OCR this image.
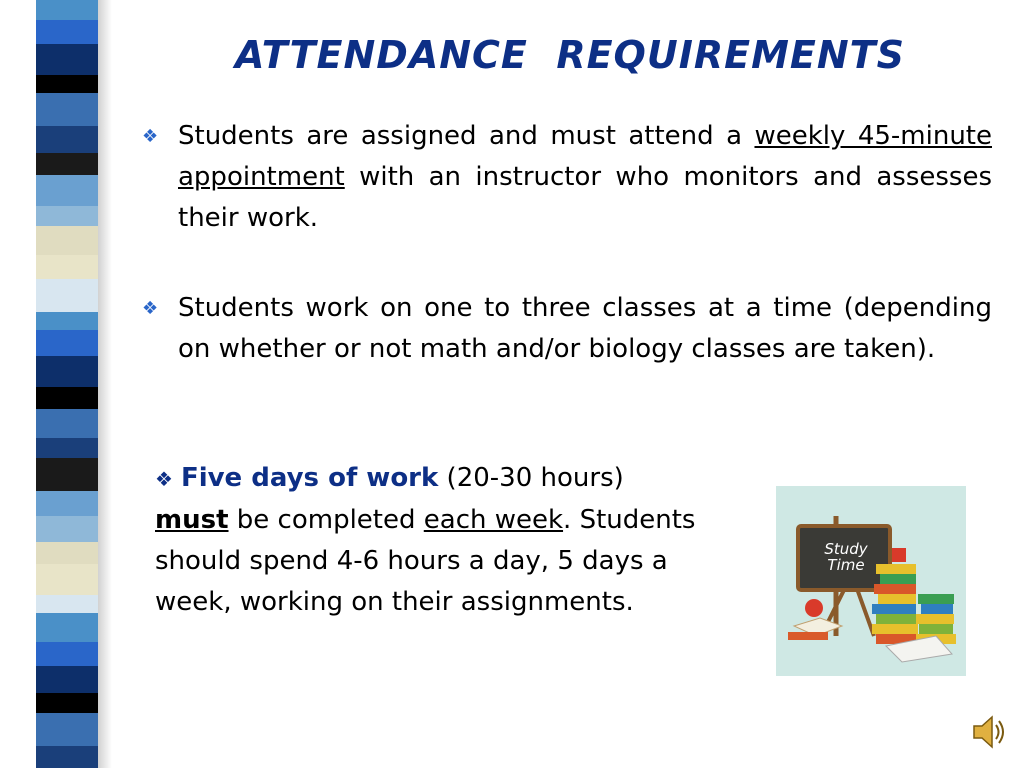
ATTENDANCE  REQUIREMENTS
❖ Students are assigned and must attend a weekly 45-minute appointment with an instructor who monitors and assesses their work.
❖ Students work on one to three classes at a time (depending on whether or not math and/or biology classes are taken).
❖ Five days of work (20-30 hours)
must be completed each week. Students should spend 4-6 hours a day, 5 days a week, working on their assignments.
Study
Time
